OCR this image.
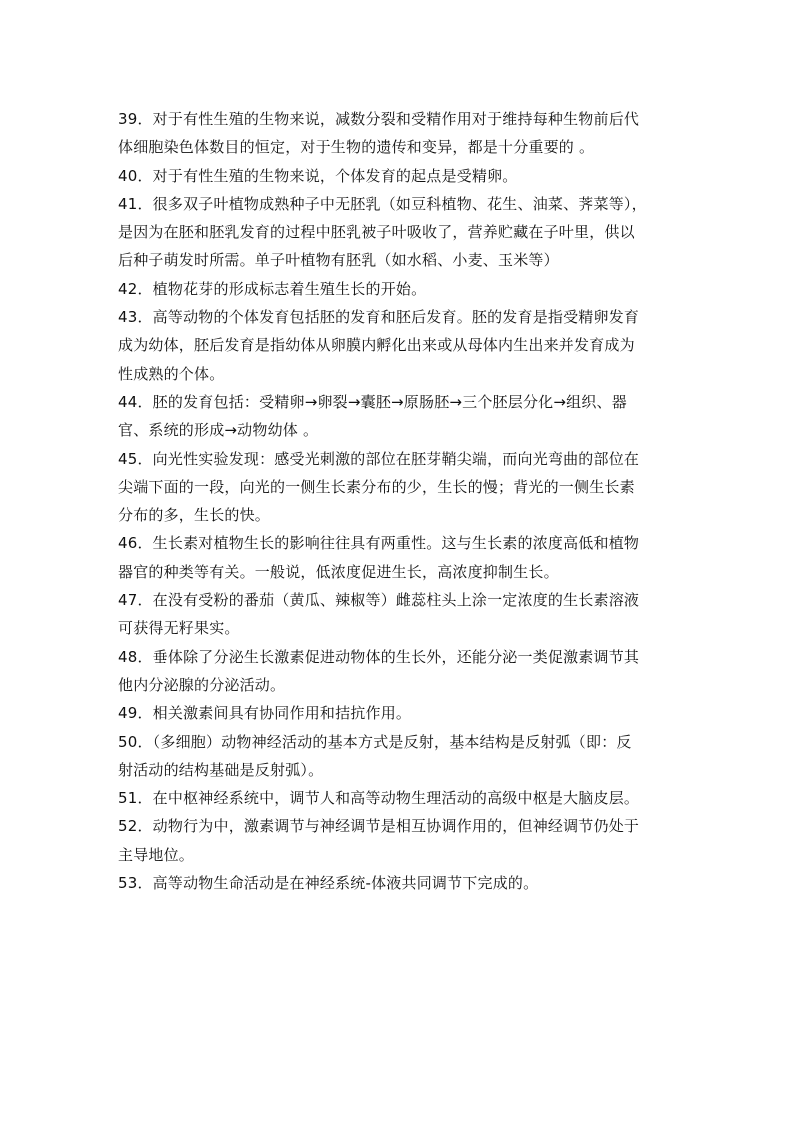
39．对于有性生殖的生物来说，减数分裂和受精作用对于维持每种生物前后代
体细胞染色体数目的恒定，对于生物的遗传和变异，都是十分重要的 。
40．对于有性生殖的生物来说，个体发育的起点是受精卵。
41．很多双子叶植物成熟种子中无胚乳（如豆科植物、花生、油菜、荠菜等），
是因为在胚和胚乳发育的过程中胚乳被子叶吸收了，营养贮藏在子叶里，供以
后种子萌发时所需。单子叶植物有胚乳（如水稻、小麦、玉米等）
42．植物花芽的形成标志着生殖生长的开始。
43．高等动物的个体发育包括胚的发育和胚后发育。胚的发育是指受精卵发育
成为幼体，胚后发育是指幼体从卵膜内孵化出来或从母体内生出来并发育成为
性成熟的个体。
44．胚的发育包括：受精卵→卵裂→囊胚→原肠胚→三个胚层分化→组织、器
官、系统的形成→动物幼体 。
45．向光性实验发现：感受光刺激的部位在胚芽鞘尖端，而向光弯曲的部位在
尖端下面的一段，向光的一侧生长素分布的少，生长的慢；背光的一侧生长素
分布的多，生长的快。
46．生长素对植物生长的影响往往具有两重性。这与生长素的浓度高低和植物
器官的种类等有关。一般说，低浓度促进生长，高浓度抑制生长。
47．在没有受粉的番茄（黄瓜、辣椒等）雌蕊柱头上涂一定浓度的生长素溶液
可获得无籽果实。
48．垂体除了分泌生长激素促进动物体的生长外，还能分泌一类促激素调节其
他内分泌腺的分泌活动。
49．相关激素间具有协同作用和拮抗作用。
50．（多细胞）动物神经活动的基本方式是反射，基本结构是反射弧（即：反
射活动的结构基础是反射弧）。
51．在中枢神经系统中，调节人和高等动物生理活动的高级中枢是大脑皮层。
52．动物行为中，激素调节与神经调节是相互协调作用的，但神经调节仍处于
主导地位。
53．高等动物生命活动是在神经系统-体液共同调节下完成的。
